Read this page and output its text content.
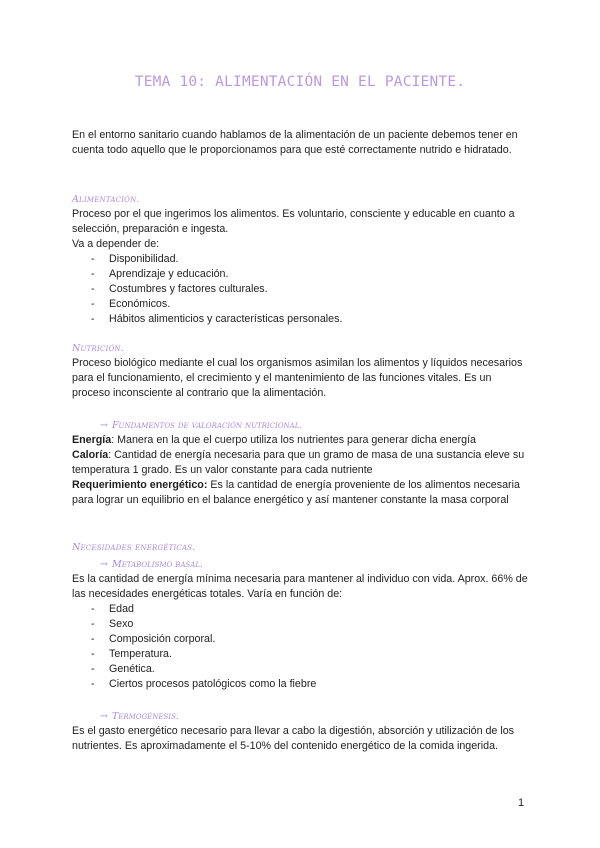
TEMA 10: ALIMENTACIÓN EN EL PACIENTE.

En el entorno sanitario cuando hablamos de la alimentación de un paciente debemos tener en cuenta todo aquello que le proporcionamos para que esté correctamente nutrido e hidratado.

Alimentación.

Proceso por el que ingerimos los alimentos. Es voluntario, consciente y educable en cuanto a selección, preparación e ingesta.

Va a depender de:

- Disponibilidad.
- Aprendizaje y educación.
- Costumbres y factores culturales.
- Económicos.
- Hábitos alimenticios y características personales.
Nutrición.

Proceso biológico mediante el cual los organismos asimilan los alimentos y líquidos necesarios para el funcionamiento, el crecimiento y el mantenimiento de las funciones vitales. Es un proceso inconsciente al contrario que la alimentación.

→ Fundamentos de valoración nutricional.

Energía: Manera en la que el cuerpo utiliza los nutrientes para generar dicha energía

Caloría: Cantidad de energía necesaria para que un gramo de masa de una sustancia eleve su temperatura 1 grado. Es un valor constante para cada nutriente

Requerimiento energético: Es la cantidad de energía proveniente de los alimentos necesaria para lograr un equilibrio en el balance energético y así mantener constante la masa corporal

Necesidades energéticas.
→ Metabolismo basal.

Es la cantidad de energía mínima necesaria para mantener al individuo con vida. Aprox. 66% de las necesidades energéticas totales. Varía en función de:

- Edad
- Sexo
- Composición corporal.
- Temperatura.
- Genética.
- Ciertos procesos patológicos como la fiebre
→ Termogénesis.

Es el gasto energético necesario para llevar a cabo la digestión, absorción y utilización de los nutrientes. Es aproximadamente el 5-10% del contenido energético de la comida ingerida.

1
